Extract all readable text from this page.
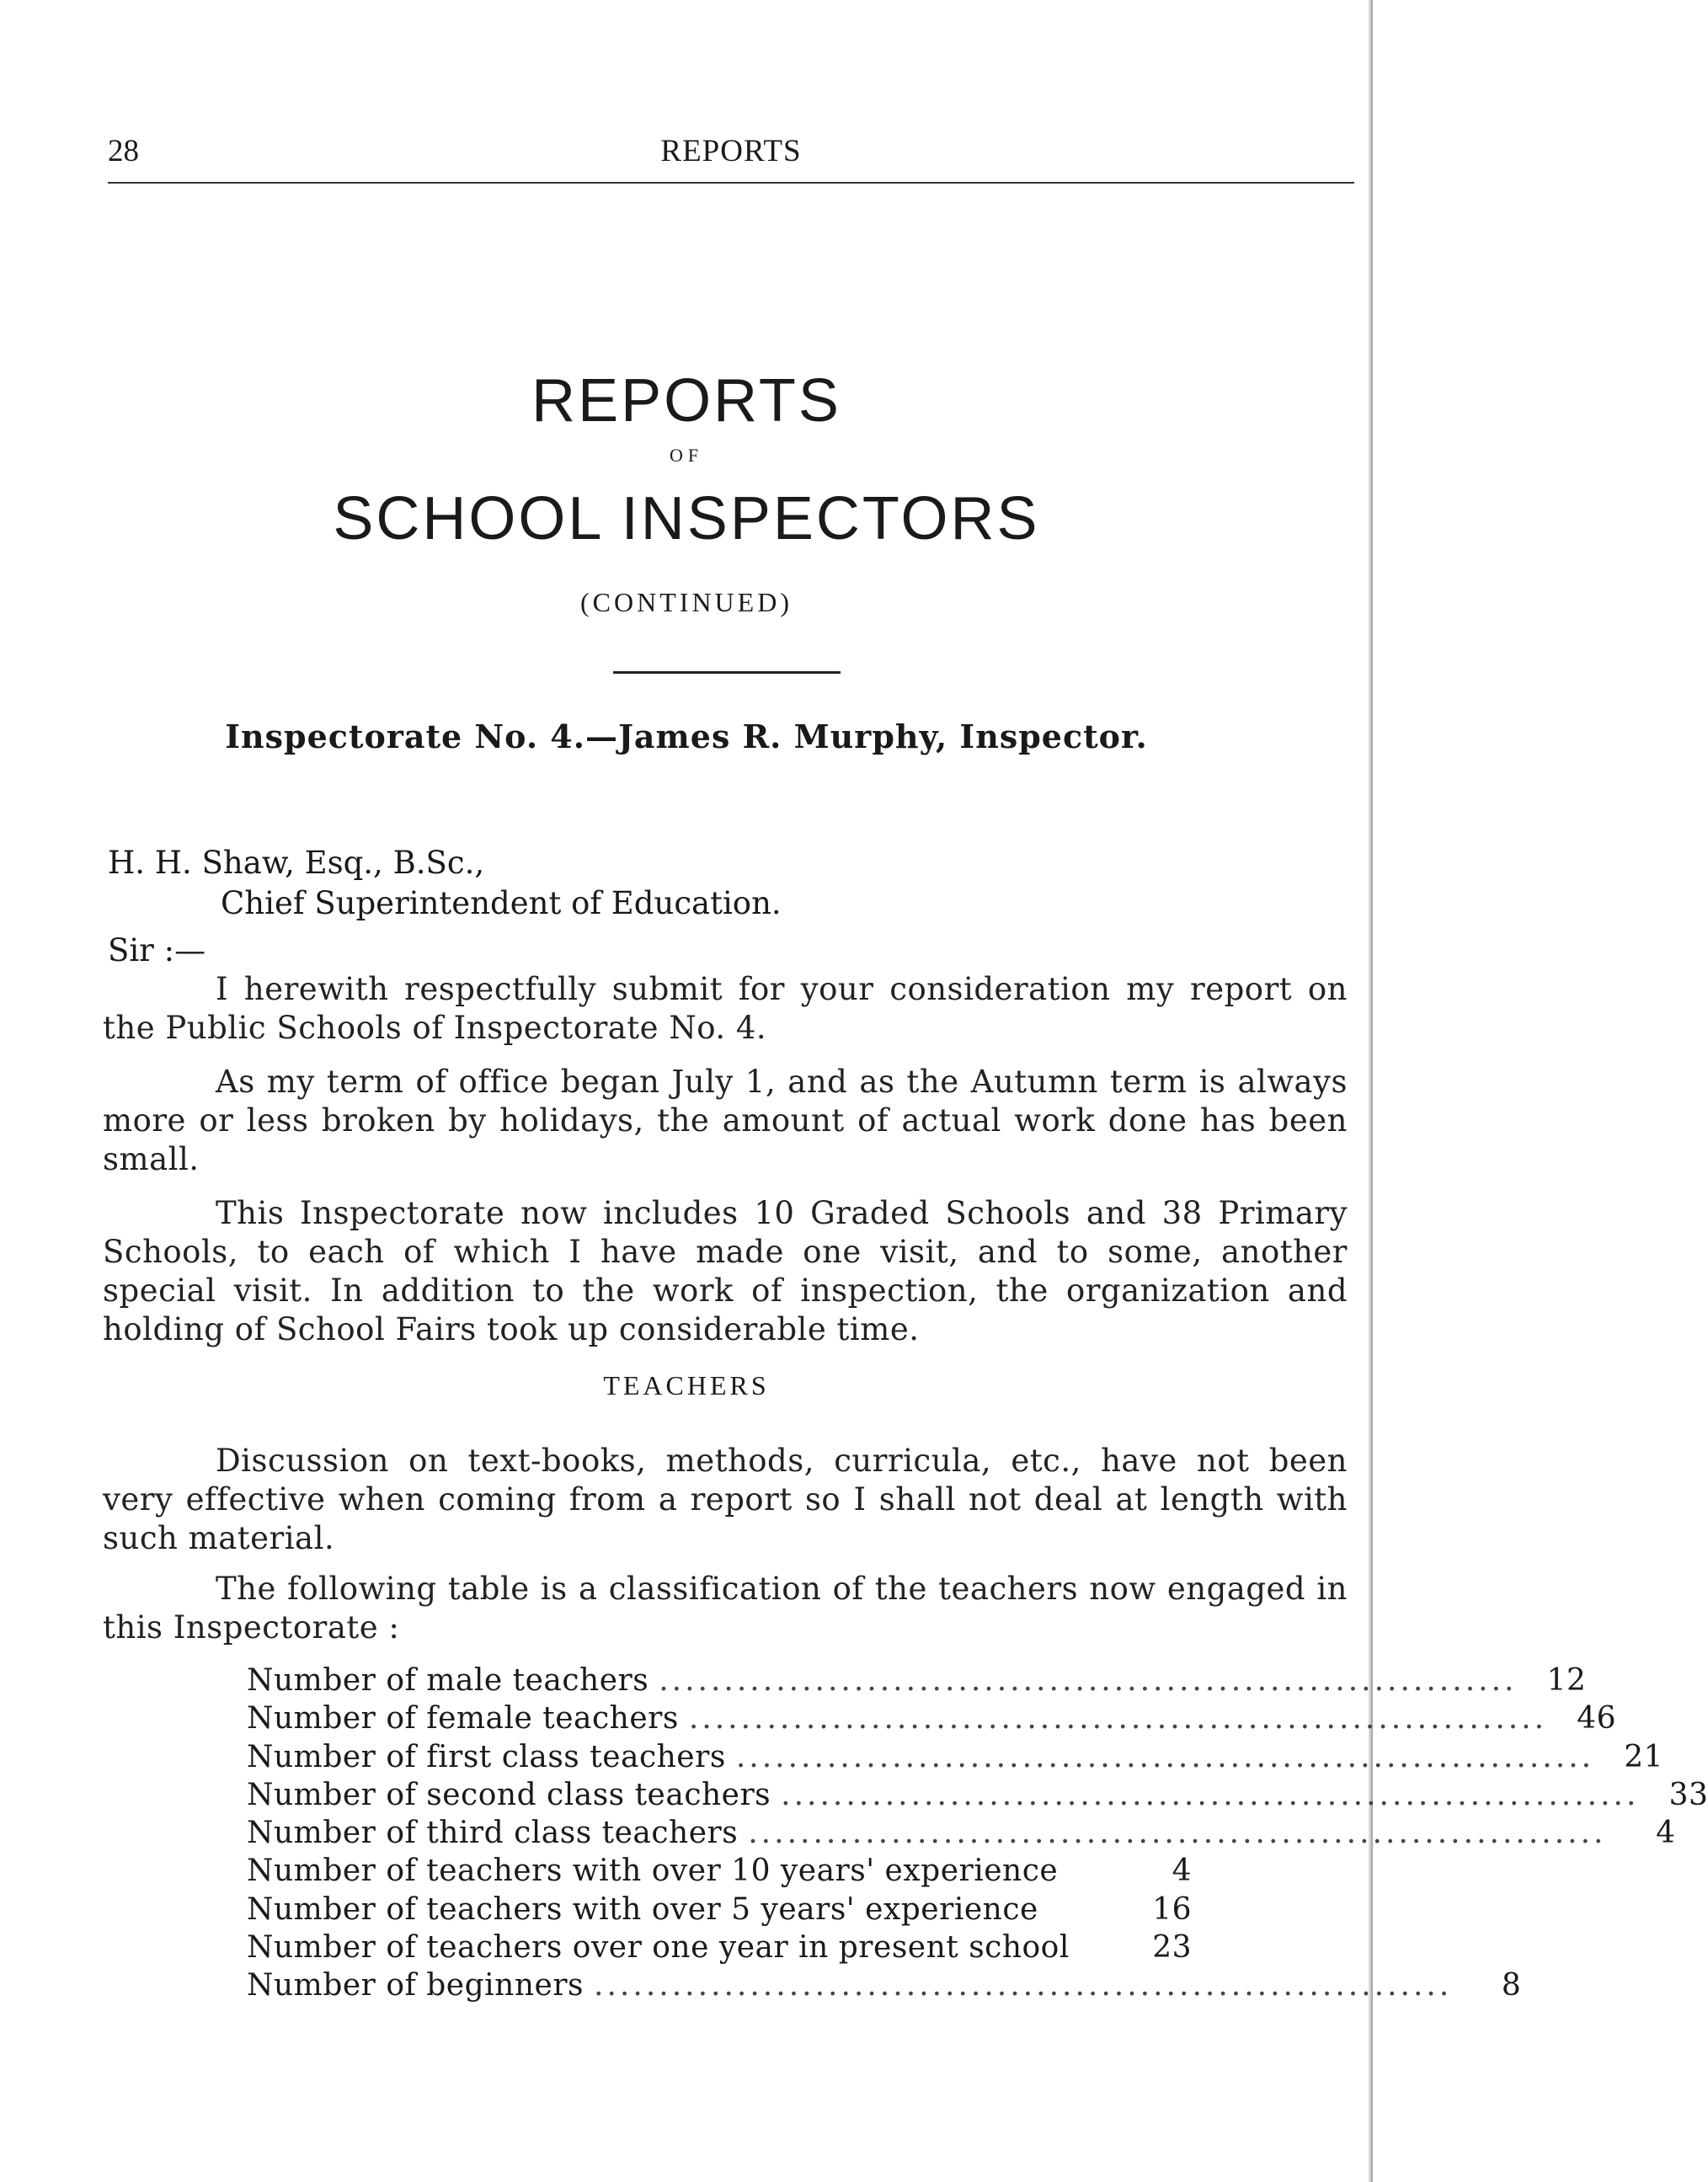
28	REPORTS
REPORTS
OF
SCHOOL INSPECTORS
(CONTINUED)
Inspectorate No. 4.—James R. Murphy, Inspector.
H. H. Shaw, Esq., B.Sc.,
Chief Superintendent of Education.
Sir :—
I herewith respectfully submit for your consideration my report on the Public Schools of Inspectorate No. 4.
As my term of office began July 1, and as the Autumn term is always more or less broken by holidays, the amount of actual work done has been small.
This Inspectorate now includes 10 Graded Schools and 38 Primary Schools, to each of which I have made one visit, and to some, another special visit. In addition to the work of inspection, the organization and holding of School Fairs took up considerable time.
TEACHERS
Discussion on text-books, methods, curricula, etc., have not been very effective when coming from a report so I shall not deal at length with such material.
The following table is a classification of the teachers now engaged in this Inspectorate :
Number of male teachers .................................................................. 12
Number of female teachers .................................................................. 46
Number of first class teachers .................................................................. 21
Number of second class teachers .................................................................. 33
Number of third class teachers ..................................................................	4
Number of teachers with over 10 years' experience	4
Number of teachers with over 5 years' experience	16
Number of teachers over one year in present school	23
Number of beginners ..................................................................	8
